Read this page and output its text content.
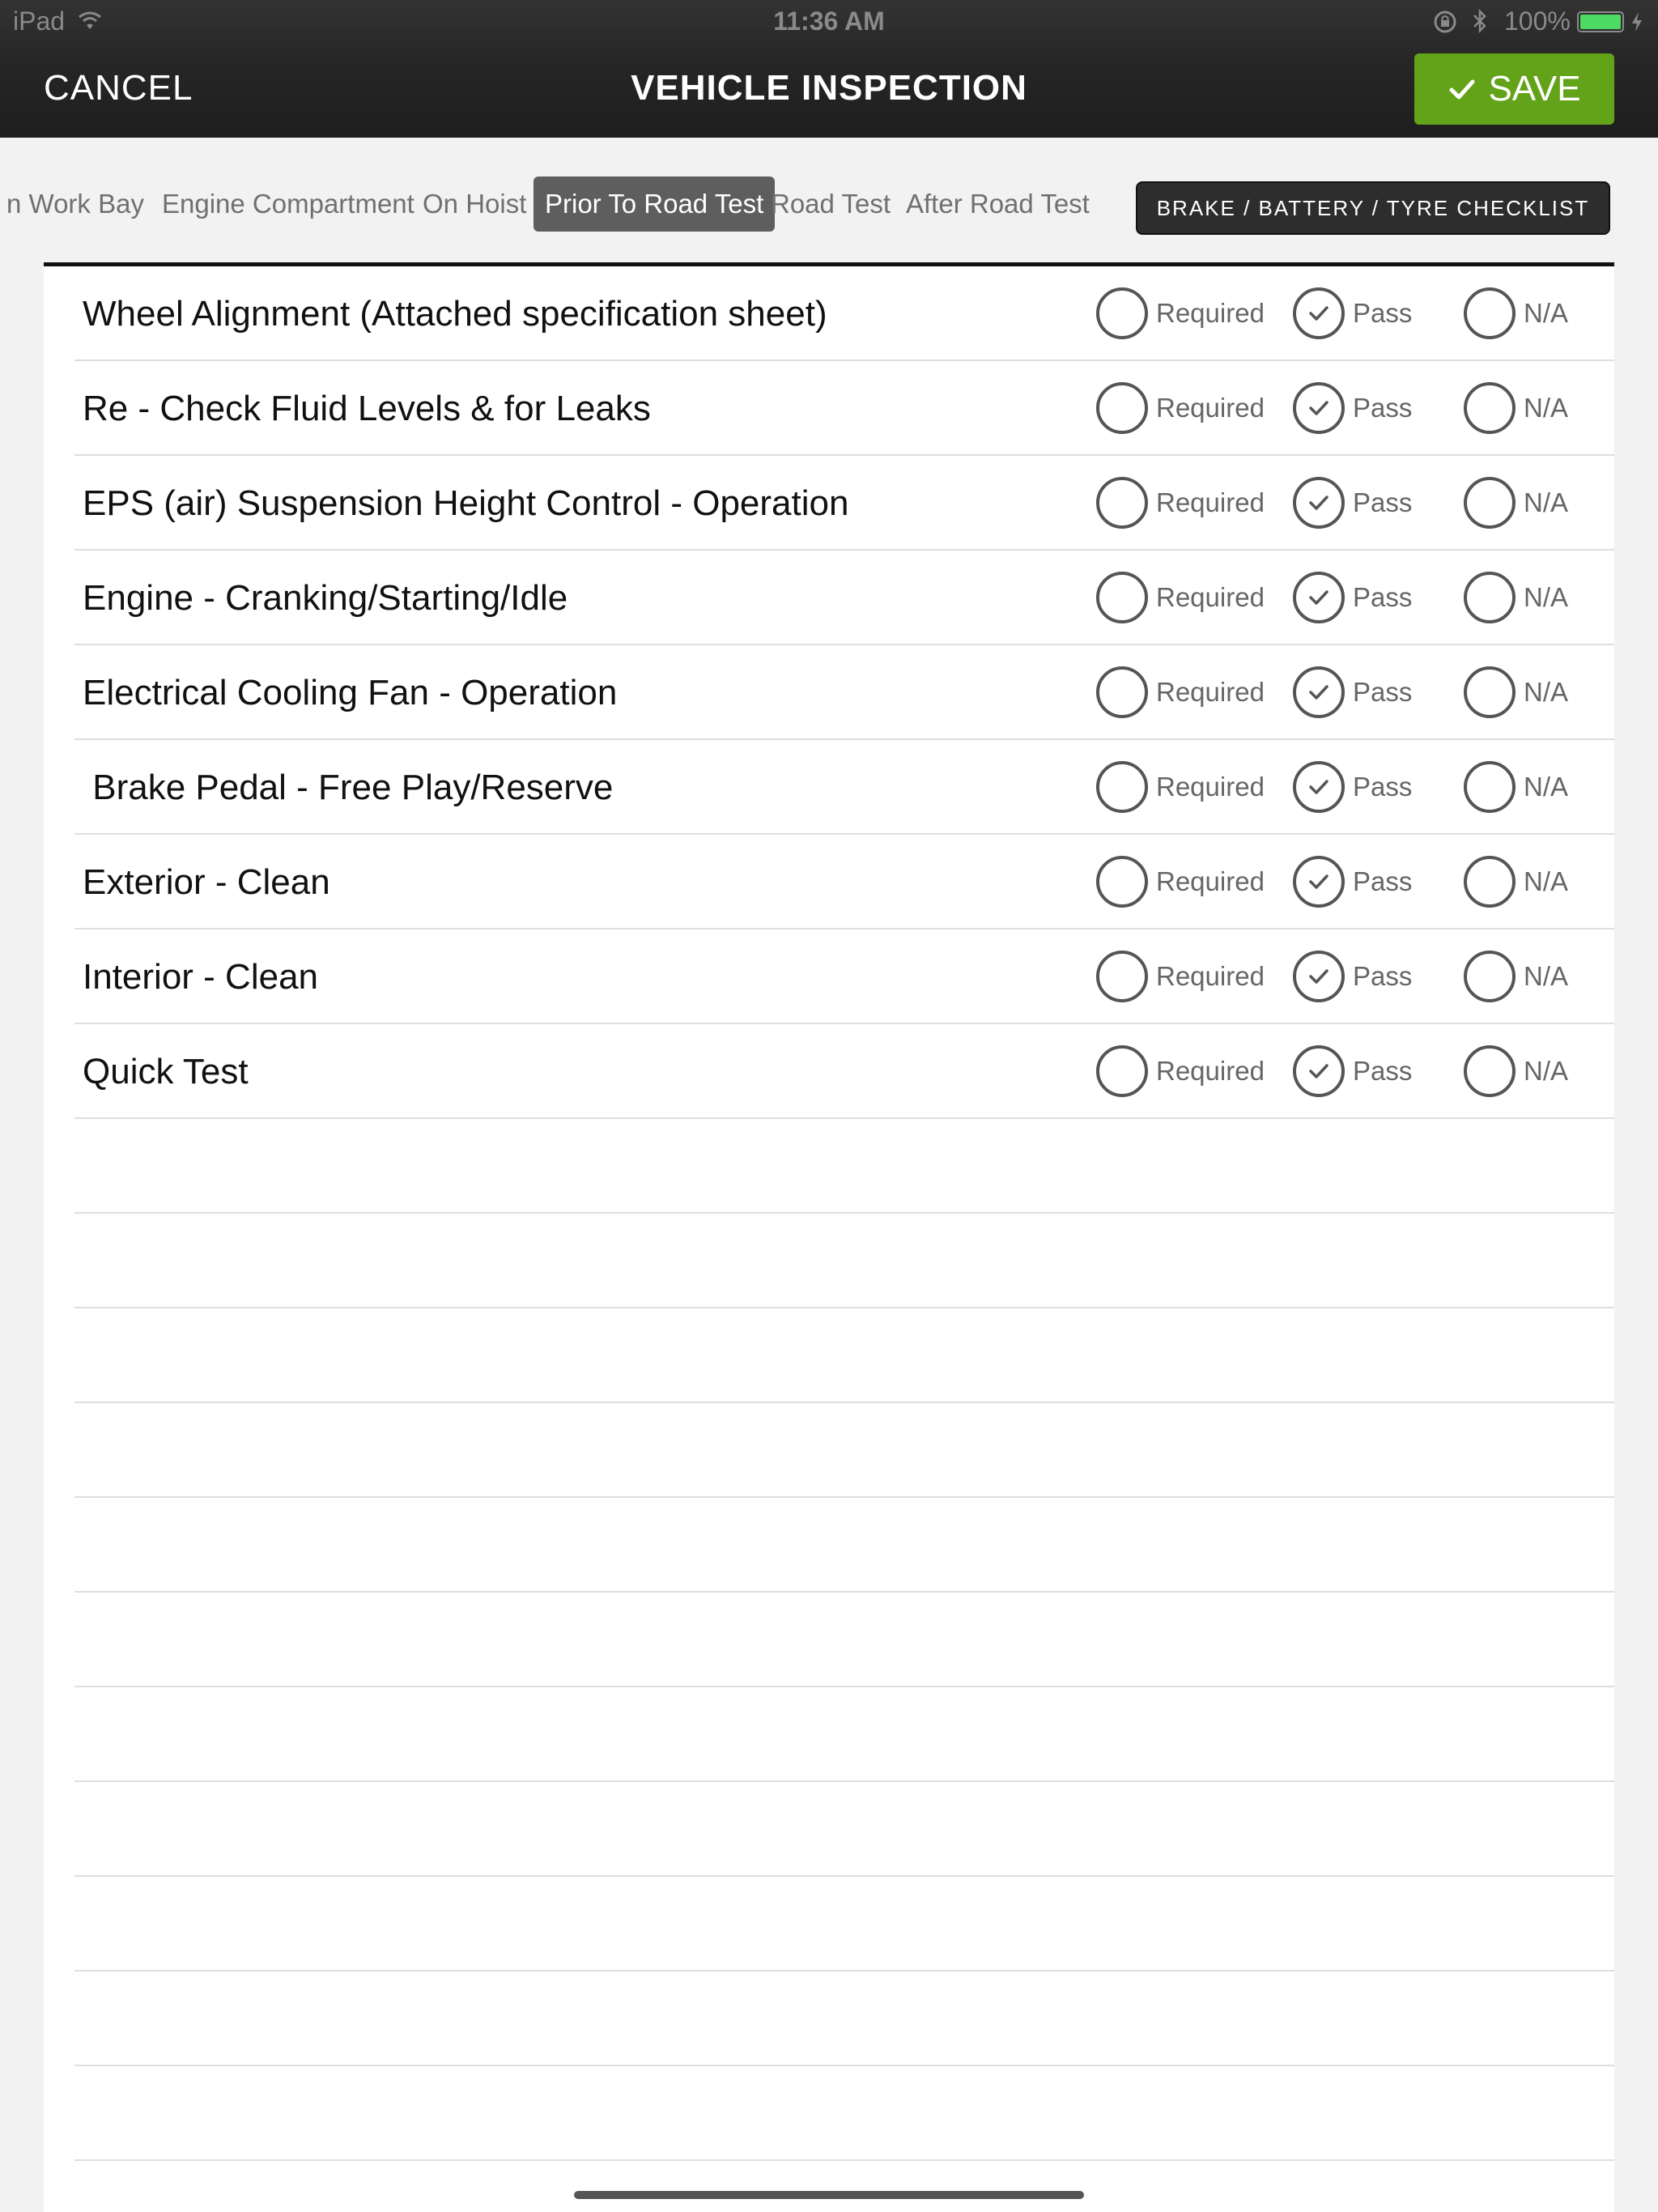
iPad	11:36 AM	100%
CANCEL	VEHICLE INSPECTION	SAVE
n Work Bay Engine Compartment On Hoist Prior To Road Test Road Test After Road Test	BRAKE / BATTERY / TYRE CHECKLIST
Wheel Alignment (Attached specification sheet)	Required	Pass	N/A
Re - Check Fluid Levels & for Leaks	Required	Pass	N/A
EPS (air) Suspension Height Control - Operation	Required	Pass	N/A
Engine - Cranking/Starting/Idle	Required	Pass	N/A
Electrical Cooling Fan - Operation	Required	Pass	N/A
Brake Pedal - Free Play/Reserve	Required	Pass	N/A
Exterior - Clean	Required	Pass	N/A
Interior - Clean	Required	Pass	N/A
Quick Test	Required	Pass	N/A
